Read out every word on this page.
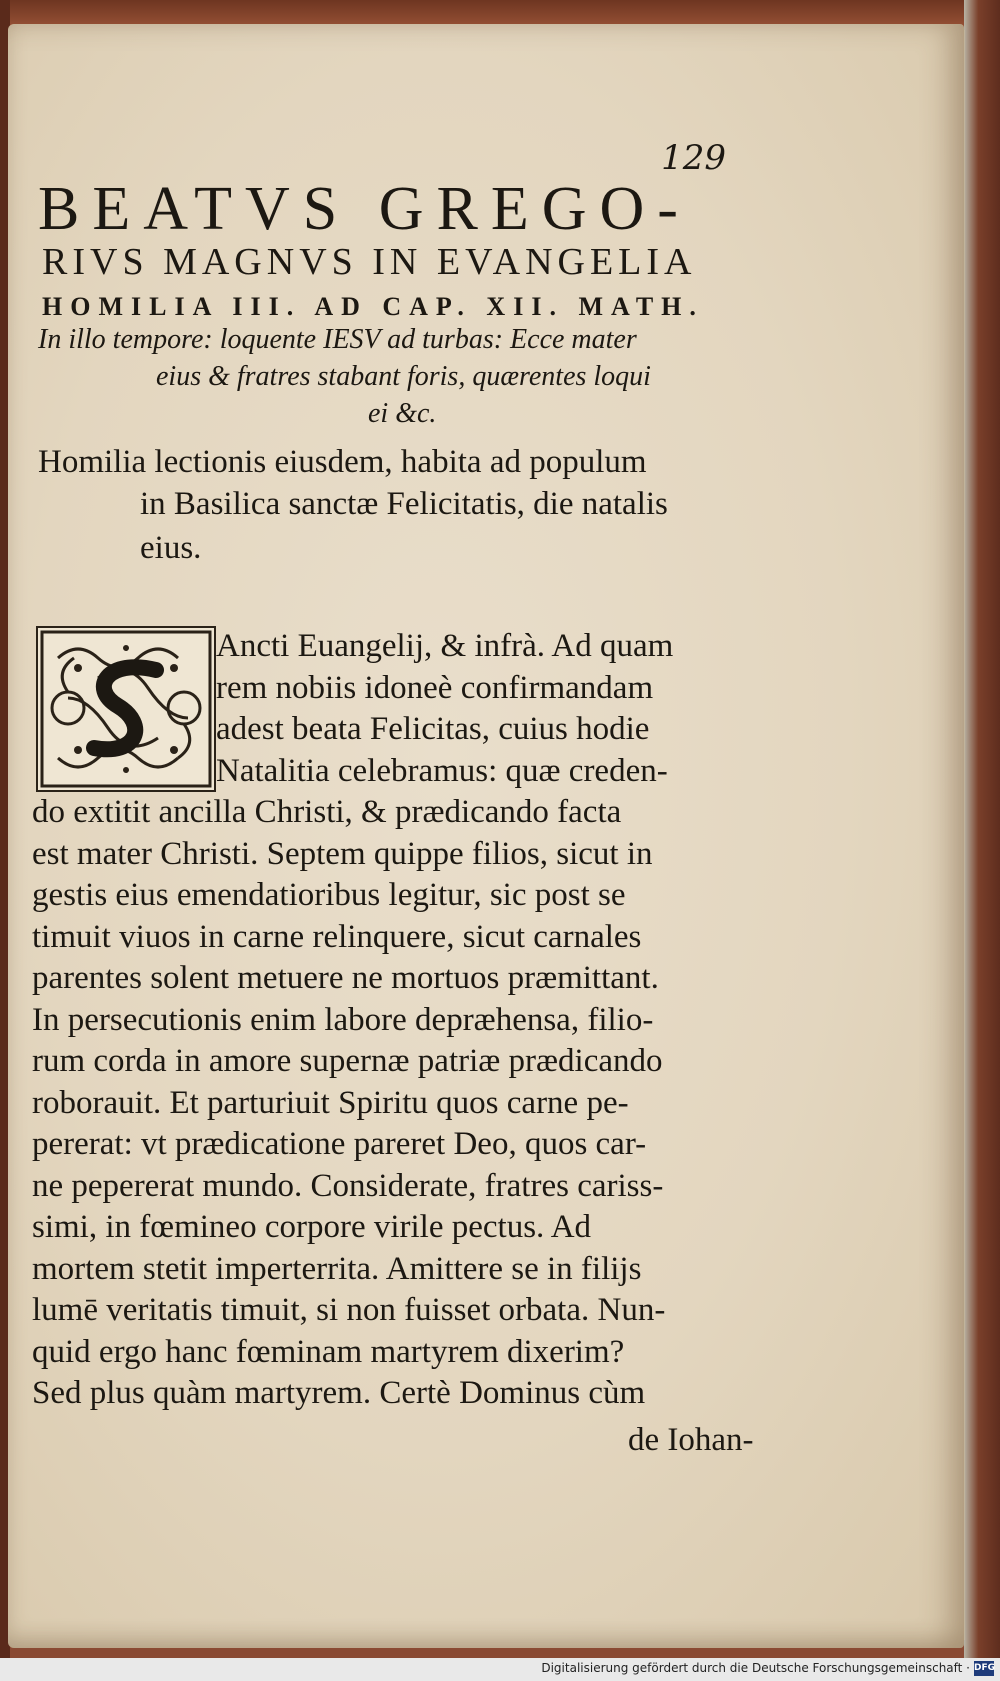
129
BEATVS GREGO-
RIVS MAGNVS IN EVANGELIA
HOMILIA III. AD CAP. XII. MATH.
In illo tempore: loquente IESV ad turbas: Ecce mater
eius & fratres stabant foris, quærentes loqui
ei &c.
Homilia lectionis eiusdem, habita ad populum
in Basilica sanctæ Felicitatis, die natalis
eius.
Ancti Euangelij, & infrà. Ad quam
rem nobiis idoneè confirmandam
adest beata Felicitas, cuius hodie
Natalitia celebramus: quæ creden-
do extitit ancilla Christi, & prædicando facta
est mater Christi. Septem quippe filios, sicut in
gestis eius emendatioribus legitur, sic post se
timuit viuos in carne relinquere, sicut carnales
parentes solent metuere ne mortuos præmittant.
In persecutionis enim labore depræhensa, filio-
rum corda in amore supernæ patriæ prædicando
roborauit. Et parturiuit Spiritu quos carne pe-
pererat: vt prædicatione pareret Deo, quos car-
ne pepererat mundo. Considerate, fratres cariss-
simi, in fœmineo corpore virile pectus. Ad
mortem stetit imperterrita. Amittere se in filijs
lumē veritatis timuit, si non fuisset orbata. Nun-
quid ergo hanc fœminam martyrem dixerim?
Sed plus quàm martyrem. Certè Dominus cùm
de Iohan-
Digitalisierung gefördert durch die Deutsche Forschungsgemeinschaft · DFG
